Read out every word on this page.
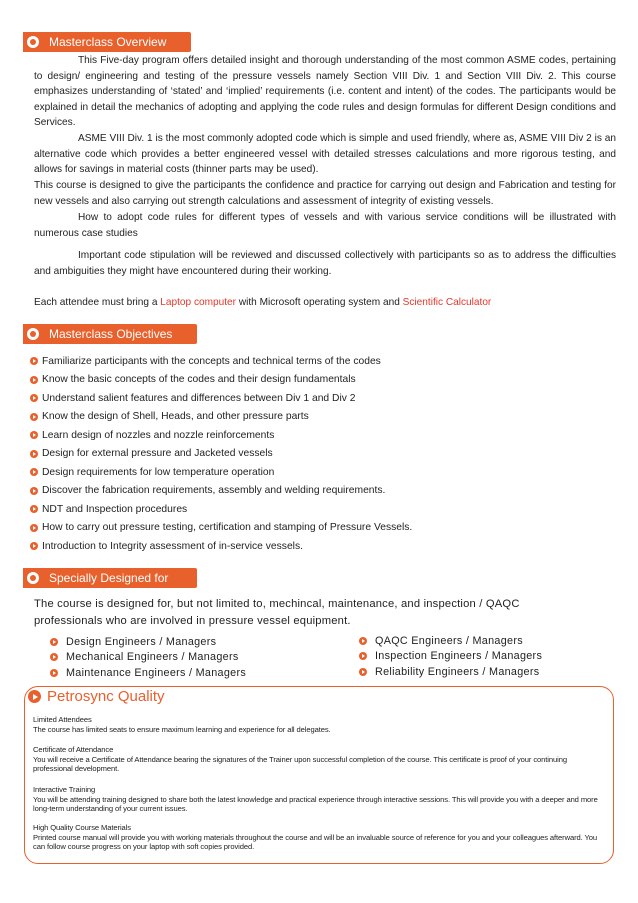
Masterclass Overview

This Five-day program offers detailed insight and thorough understanding of the most common ASME codes, pertaining to design/ engineering and testing of the pressure vessels namely Section VIII Div. 1 and Section VIII Div. 2. This course emphasizes understanding of ‘stated’ and ‘implied’ requirements (i.e. content and intent) of the codes. The participants would be explained in detail the mechanics of adopting and applying the code rules and design formulas for different Design conditions and Services.

ASME VIII Div. 1 is the most commonly adopted code which is simple and used friendly, where as, ASME VIII Div 2 is an alternative code which provides a better engineered vessel with detailed stresses calculations and more rigorous testing, and allows for savings in material costs (thinner parts may be used).

This course is designed to give the participants the confidence and practice for carrying out design and Fabrication and testing for new vessels and also carrying out strength calculations and assessment of integrity of existing vessels.

How to adopt code rules for different types of vessels and with various service conditions will be illustrated with numerous case studies

Important code stipulation will be reviewed and discussed collectively with participants so as to address the difficulties and ambiguities they might have encountered during their working.

Each attendee must bring a Laptop computer with Microsoft operating system and Scientific Calculator

Masterclass Objectives
Familiarize participants with the concepts and technical terms of the codes
Know the basic concepts of the codes and their design fundamentals
Understand salient features and differences between Div 1 and Div 2
Know the design of Shell, Heads, and other pressure parts
Learn design of nozzles and nozzle reinforcements
Design for external pressure and Jacketed vessels
Design requirements for low temperature operation
Discover the fabrication requirements, assembly and welding requirements.
NDT and Inspection procedures
How to carry out pressure testing, certification and stamping of Pressure Vessels.
Introduction to Integrity assessment of in-service vessels.
Specially Designed for
The course is designed for, but not limited to, mechincal, maintenance, and inspection / QAQC professionals who are involved in pressure vessel equipment.
Design Engineers / Managers
Mechanical Engineers / Managers
Maintenance Engineers / Managers
QAQC Engineers / Managers
Inspection Engineers / Managers
Reliability Engineers / Managers
Petrosync Quality

Limited Attendees
The course has limited seats to ensure maximum learning and experience for all delegates.

Certificate of Attendance
You will receive a Certificate of Attendance bearing the signatures of the Trainer upon successful completion of the course. This certificate is proof of your continuing professional development.

Interactive Training
You will be attending training designed to share both the latest knowledge and practical experience through interactive sessions. This will provide you with a deeper and more long-term understanding of your current issues.

High Quality Course Materials
Printed course manual will provide you with working materials throughout the course and will be an invaluable source of reference for you and your colleagues afterward. You can follow course progress on your laptop with soft copies provided.
